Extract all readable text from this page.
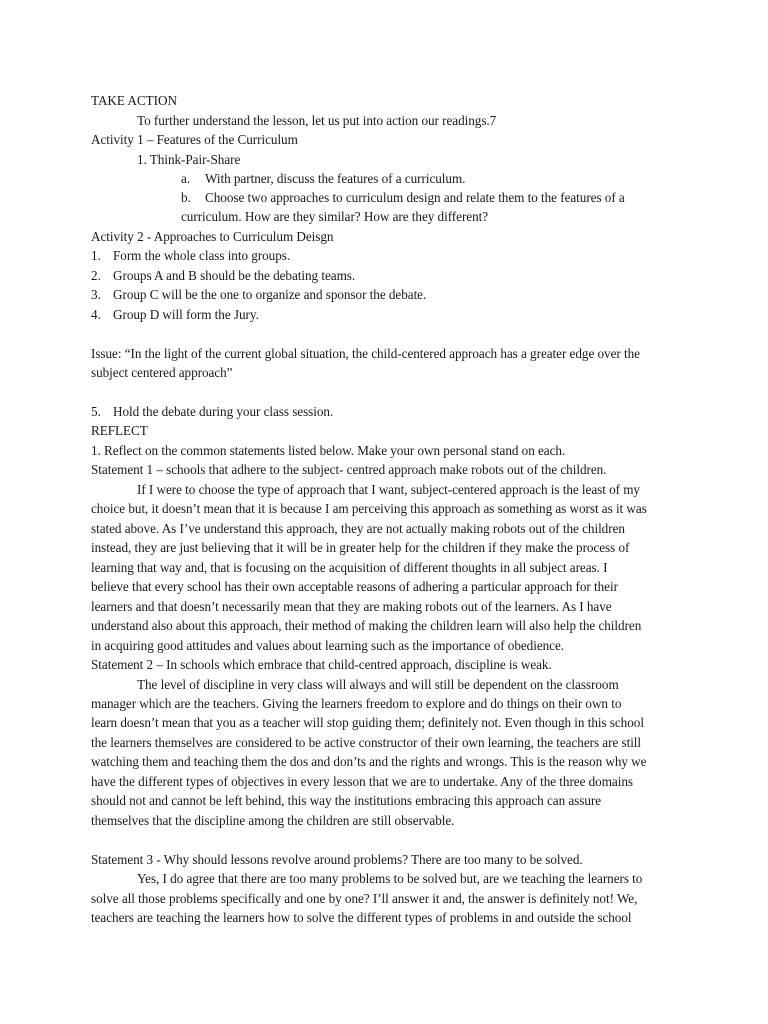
TAKE ACTION
To further understand the lesson, let us put into action our readings.7
Activity 1 – Features of the Curriculum
1. Think-Pair-Share
a. With partner, discuss the features of a curriculum.
b. Choose two approaches to curriculum design and relate them to the features of a
curriculum. How are they similar? How are they different?
Activity 2 - Approaches to Curriculum Deisgn
1. Form the whole class into groups.
2. Groups A and B should be the debating teams.
3. Group C will be the one to organize and sponsor the debate.
4. Group D will form the Jury.
Issue: “In the light of the current global situation, the child-centered approach has a greater edge over the
subject centered approach”
5. Hold the debate during your class session.
REFLECT
1. Reflect on the common statements listed below. Make your own personal stand on each.
Statement 1 – schools that adhere to the subject- centred approach make robots out of the children.
If I were to choose the type of approach that I want, subject-centered approach is the least of my
choice but, it doesn’t mean that it is because I am perceiving this approach as something as worst as it was
stated above. As I’ve understand this approach, they are not actually making robots out of the children
instead, they are just believing that it will be in greater help for the children if they make the process of
learning that way and, that is focusing on the acquisition of different thoughts in all subject areas. I
believe that every school has their own acceptable reasons of adhering a particular approach for their
learners and that doesn’t necessarily mean that they are making robots out of the learners. As I have
understand also about this approach, their method of making the children learn will also help the children
in acquiring good attitudes and values about learning such as the importance of obedience.
Statement 2 – In schools which embrace that child-centred approach, discipline is weak.
The level of discipline in very class will always and will still be dependent on the classroom
manager which are the teachers. Giving the learners freedom to explore and do things on their own to
learn doesn’t mean that you as a teacher will stop guiding them; definitely not. Even though in this school
the learners themselves are considered to be active constructor of their own learning, the teachers are still
watching them and teaching them the dos and don’ts and the rights and wrongs. This is the reason why we
have the different types of objectives in every lesson that we are to undertake. Any of the three domains
should not and cannot be left behind, this way the institutions embracing this approach can assure
themselves that the discipline among the children are still observable.
Statement 3 - Why should lessons revolve around problems? There are too many to be solved.
Yes, I do agree that there are too many problems to be solved but, are we teaching the learners to
solve all those problems specifically and one by one? I’ll answer it and, the answer is definitely not! We,
teachers are teaching the learners how to solve the different types of problems in and outside the school
